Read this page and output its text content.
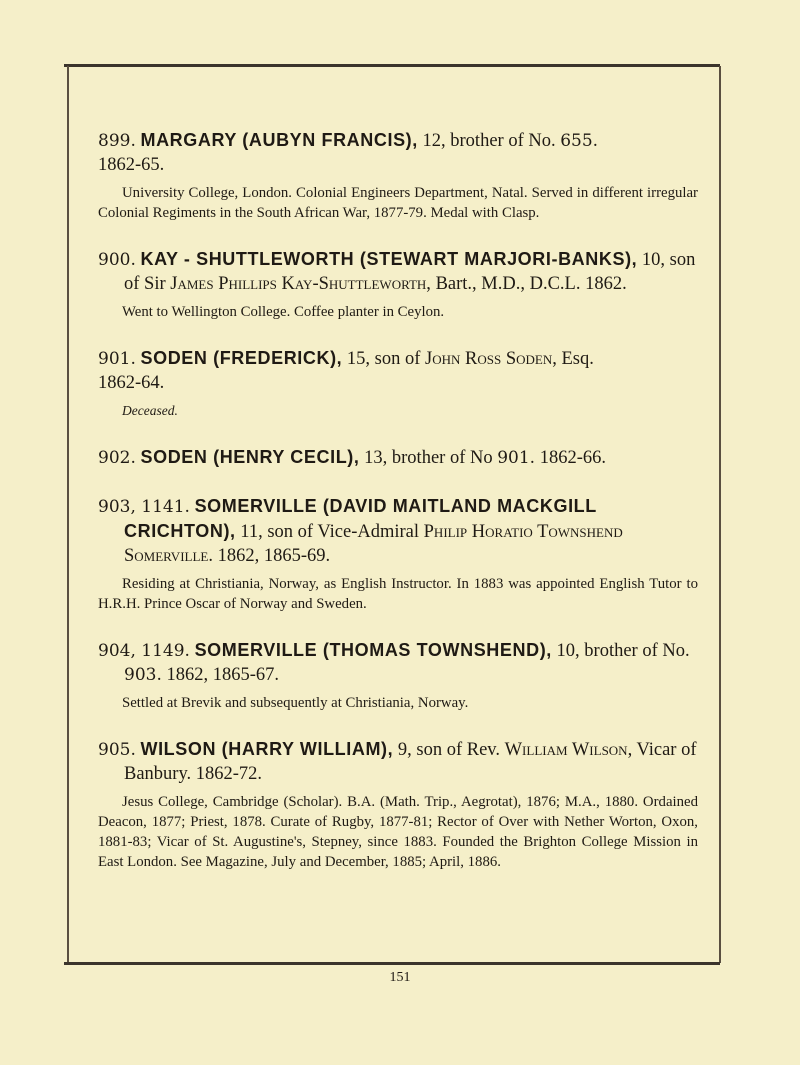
899. MARGARY (AUBYN FRANCIS), 12, brother of No. 655.
1862-65.

University College, London. Colonial Engineers Department, Natal. Served in different irregular Colonial Regiments in the South African War, 1877-79. Medal with Clasp.

900. KAY - SHUTTLEWORTH (STEWART MARJORI-BANKS), 10, son of Sir James Phillips Kay-Shuttleworth, Bart., M.D., D.C.L. 1862.

Went to Wellington College. Coffee planter in Ceylon.

901. SODEN (FREDERICK), 15, son of John Ross Soden, Esq.
1862-64.

Deceased.

902. SODEN (HENRY CECIL), 13, brother of No 901. 1862-66.

903, 1141. SOMERVILLE (DAVID MAITLAND MACKGILL CRICHTON), 11, son of Vice-Admiral Philip Horatio Townshend Somerville. 1862, 1865-69.

Residing at Christiania, Norway, as English Instructor. In 1883 was appointed English Tutor to H.R.H. Prince Oscar of Norway and Sweden.

904, 1149. SOMERVILLE (THOMAS TOWNSHEND), 10, brother of No. 903. 1862, 1865-67.

Settled at Brevik and subsequently at Christiania, Norway.

905. WILSON (HARRY WILLIAM), 9, son of Rev. William Wilson, Vicar of Banbury. 1862-72.

Jesus College, Cambridge (Scholar). B.A. (Math. Trip., Aegrotat), 1876; M.A., 1880. Ordained Deacon, 1877; Priest, 1878. Curate of Rugby, 1877-81; Rector of Over with Nether Worton, Oxon, 1881-83; Vicar of St. Augustine's, Stepney, since 1883. Founded the Brighton College Mission in East London. See Magazine, July and December, 1885; April, 1886.

151
